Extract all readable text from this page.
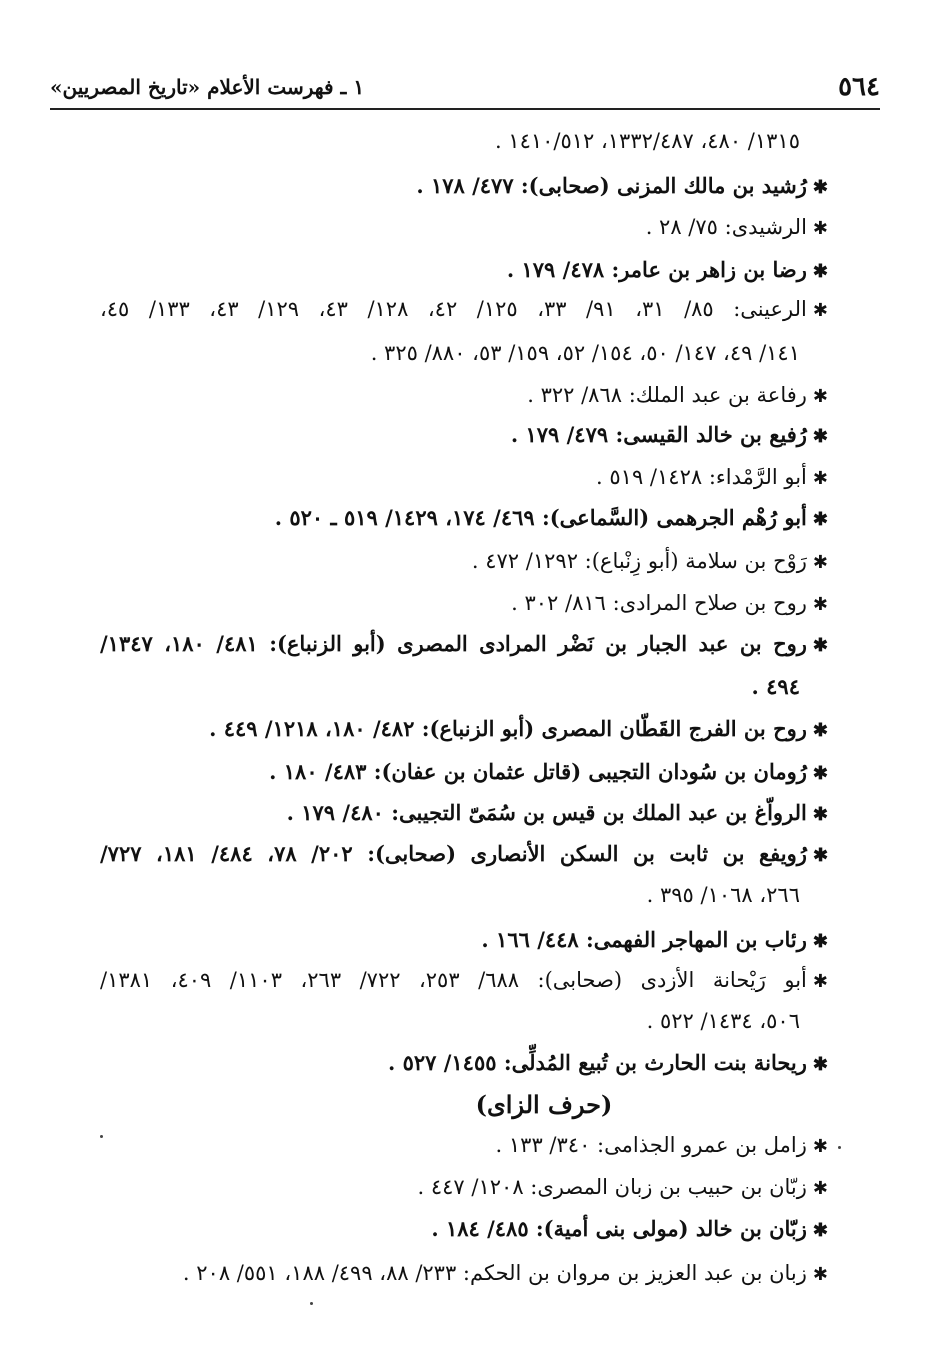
٥٦٤
١ ـ فهرست الأعلام «تاريخ المصريين»
١٣١٥/ ٤٨٠، ١٣٣٢/٤٨٧، ١٤١٠/٥١٢ .
✱رُشيد بن مالك المزنى (صحابى): ٤٧٧/ ١٧٨ .
✱الرشيدى: ٧٥/ ٢٨ .
✱رضا بن زاهر بن عامر: ٤٧٨/ ١٧٩ .
✱الرعينى: ٨٥/ ٣١، ٩١/ ٣٣، ١٢٥/ ٤٢، ١٢٨/ ٤٣، ١٢٩/ ٤٣، ١٣٣/ ٤٥،
١٤١/ ٤٩، ١٤٧/ ٥٠، ١٥٤/ ٥٢، ١٥٩/ ٥٣، ٨٨٠/ ٣٢٥ .
✱رفاعة بن عبد الملك: ٨٦٨/ ٣٢٢ .
✱رُفيع بن خالد القيسى: ٤٧٩/ ١٧٩ .
✱أبو الرَّمْداء: ١٤٢٨/ ٥١٩ .
✱أبو رُهْم الجرهمى (السَّماعى): ٤٦٩/ ١٧٤، ١٤٢٩/ ٥١٩ ـ ٥٢٠ .
✱رَوْح بن سلامة (أبو زِنْباع): ١٢٩٢/ ٤٧٢ .
✱روح بن صلاح المرادى: ٨١٦/ ٣٠٢ .
✱روح بن عبد الجبار بن نَضْر المرادى المصرى (أبو الزنباع): ٤٨١/ ١٨٠، ١٣٤٧/
٤٩٤ .
✱روح بن الفرج القَطّان المصرى (أبو الزنباع): ٤٨٢/ ١٨٠، ١٢١٨/ ٤٤٩ .
✱رُومان بن سُودان التجيبى (قاتل عثمان بن عفان): ٤٨٣/ ١٨٠ .
✱الرواّغ بن عبد الملك بن قيس بن سُمَىّ التجيبى: ٤٨٠/ ١٧٩ .
✱رُويفع بن ثابت بن السكن الأنصارى (صحابى): ٢٠٢/ ٧٨، ٤٨٤/ ١٨١، ٧٢٧/
٢٦٦، ١٠٦٨/ ٣٩٥ .
✱رئاب بن المهاجر الفهمى: ٤٤٨/ ١٦٦ .
✱أبو رَيْحانة الأزدى (صحابى): ٦٨٨/ ٢٥٣، ٧٢٢/ ٢٦٣، ١١٠٣/ ٤٠٩، ١٣٨١/
٥٠٦، ١٤٣٤/ ٥٢٢ .
✱ريحانة بنت الحارث بن تُبيع المُدلِّى: ١٤٥٥/ ٥٢٧ .
✱زامل بن عمرو الجذامى: ٣٤٠/ ١٣٣ .
✱زبّان بن حبيب بن زبان المصرى: ١٢٠٨/ ٤٤٧ .
✱زبّان بن خالد (مولى بنى أمية): ٤٨٥/ ١٨٤ .
✱زبان بن عبد العزيز بن مروان بن الحكم: ٢٣٣/ ٨٨، ٤٩٩/ ١٨٨، ٥٥١/ ٢٠٨ .
(حرف الزاى)
